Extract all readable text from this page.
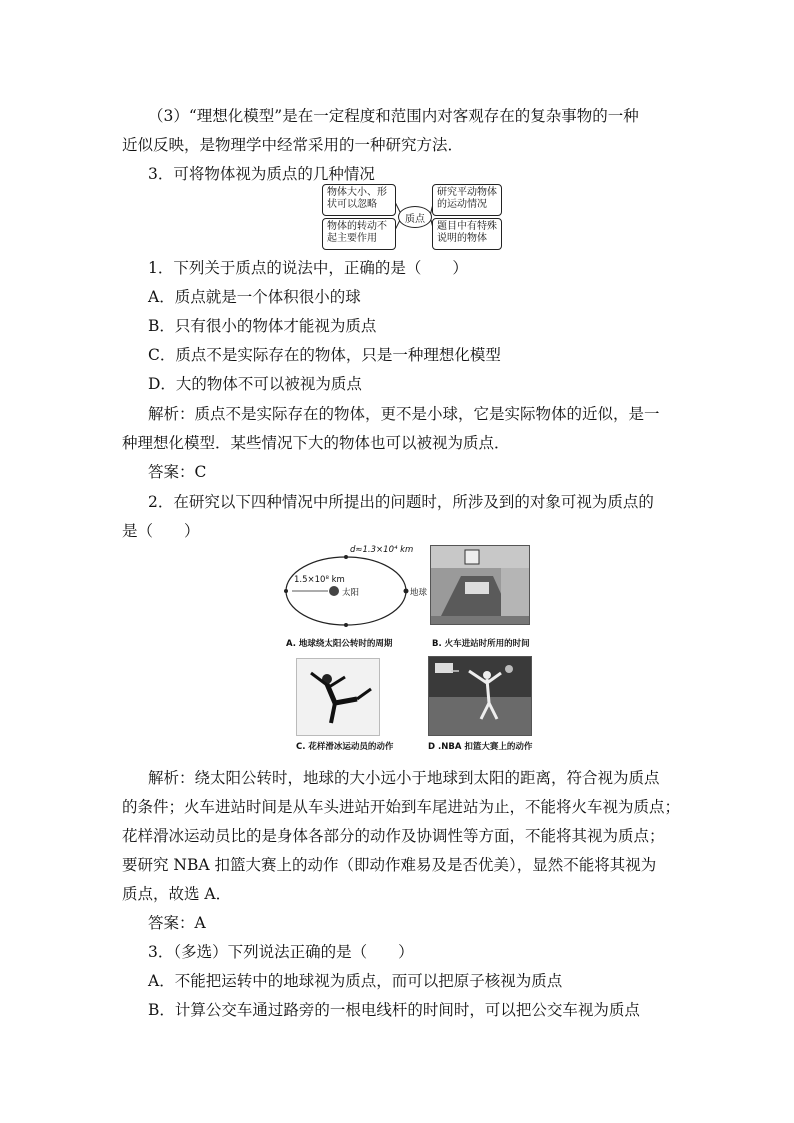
（3）“理想化模型”是在一定程度和范围内对客观存在的复杂事物的一种
近似反映，是物理学中经常采用的一种研究方法．
3．可将物体视为质点的几种情况
物体大小、形状可以忽略
物体的转动不起主要作用
质点
研究平动物体的运动情况
题目中有特殊说明的物体
1．下列关于质点的说法中，正确的是（　　）
A．质点就是一个体积很小的球
B．只有很小的物体才能视为质点
C．质点不是实际存在的物体，只是一种理想化模型
D．大的物体不可以被视为质点
解析：质点不是实际存在的物体，更不是小球，它是实际物体的近似，是一
种理想化模型．某些情况下大的物体也可以被视为质点．
答案：C
2．在研究以下四种情况中所提出的问题时，所涉及到的对象可视为质点的
是（　　）
d≈1.3×10⁴ km
1.5×10⁸ km
太阳	地球
A. 地球绕太阳公转时的周期	B. 火车进站时所用的时间
C. 花样滑冰运动员的动作	D .NBA 扣篮大赛上的动作
解析：绕太阳公转时，地球的大小远小于地球到太阳的距离，符合视为质点
的条件；火车进站时间是从车头进站开始到车尾进站为止，不能将火车视为质点；
花样滑冰运动员比的是身体各部分的动作及协调性等方面，不能将其视为质点；
要研究 NBA 扣篮大赛上的动作（即动作难易及是否优美），显然不能将其视为
质点，故选 A．
答案：A
3．（多选）下列说法正确的是（　　）
A．不能把运转中的地球视为质点，而可以把原子核视为质点
B．计算公交车通过路旁的一根电线杆的时间时，可以把公交车视为质点
